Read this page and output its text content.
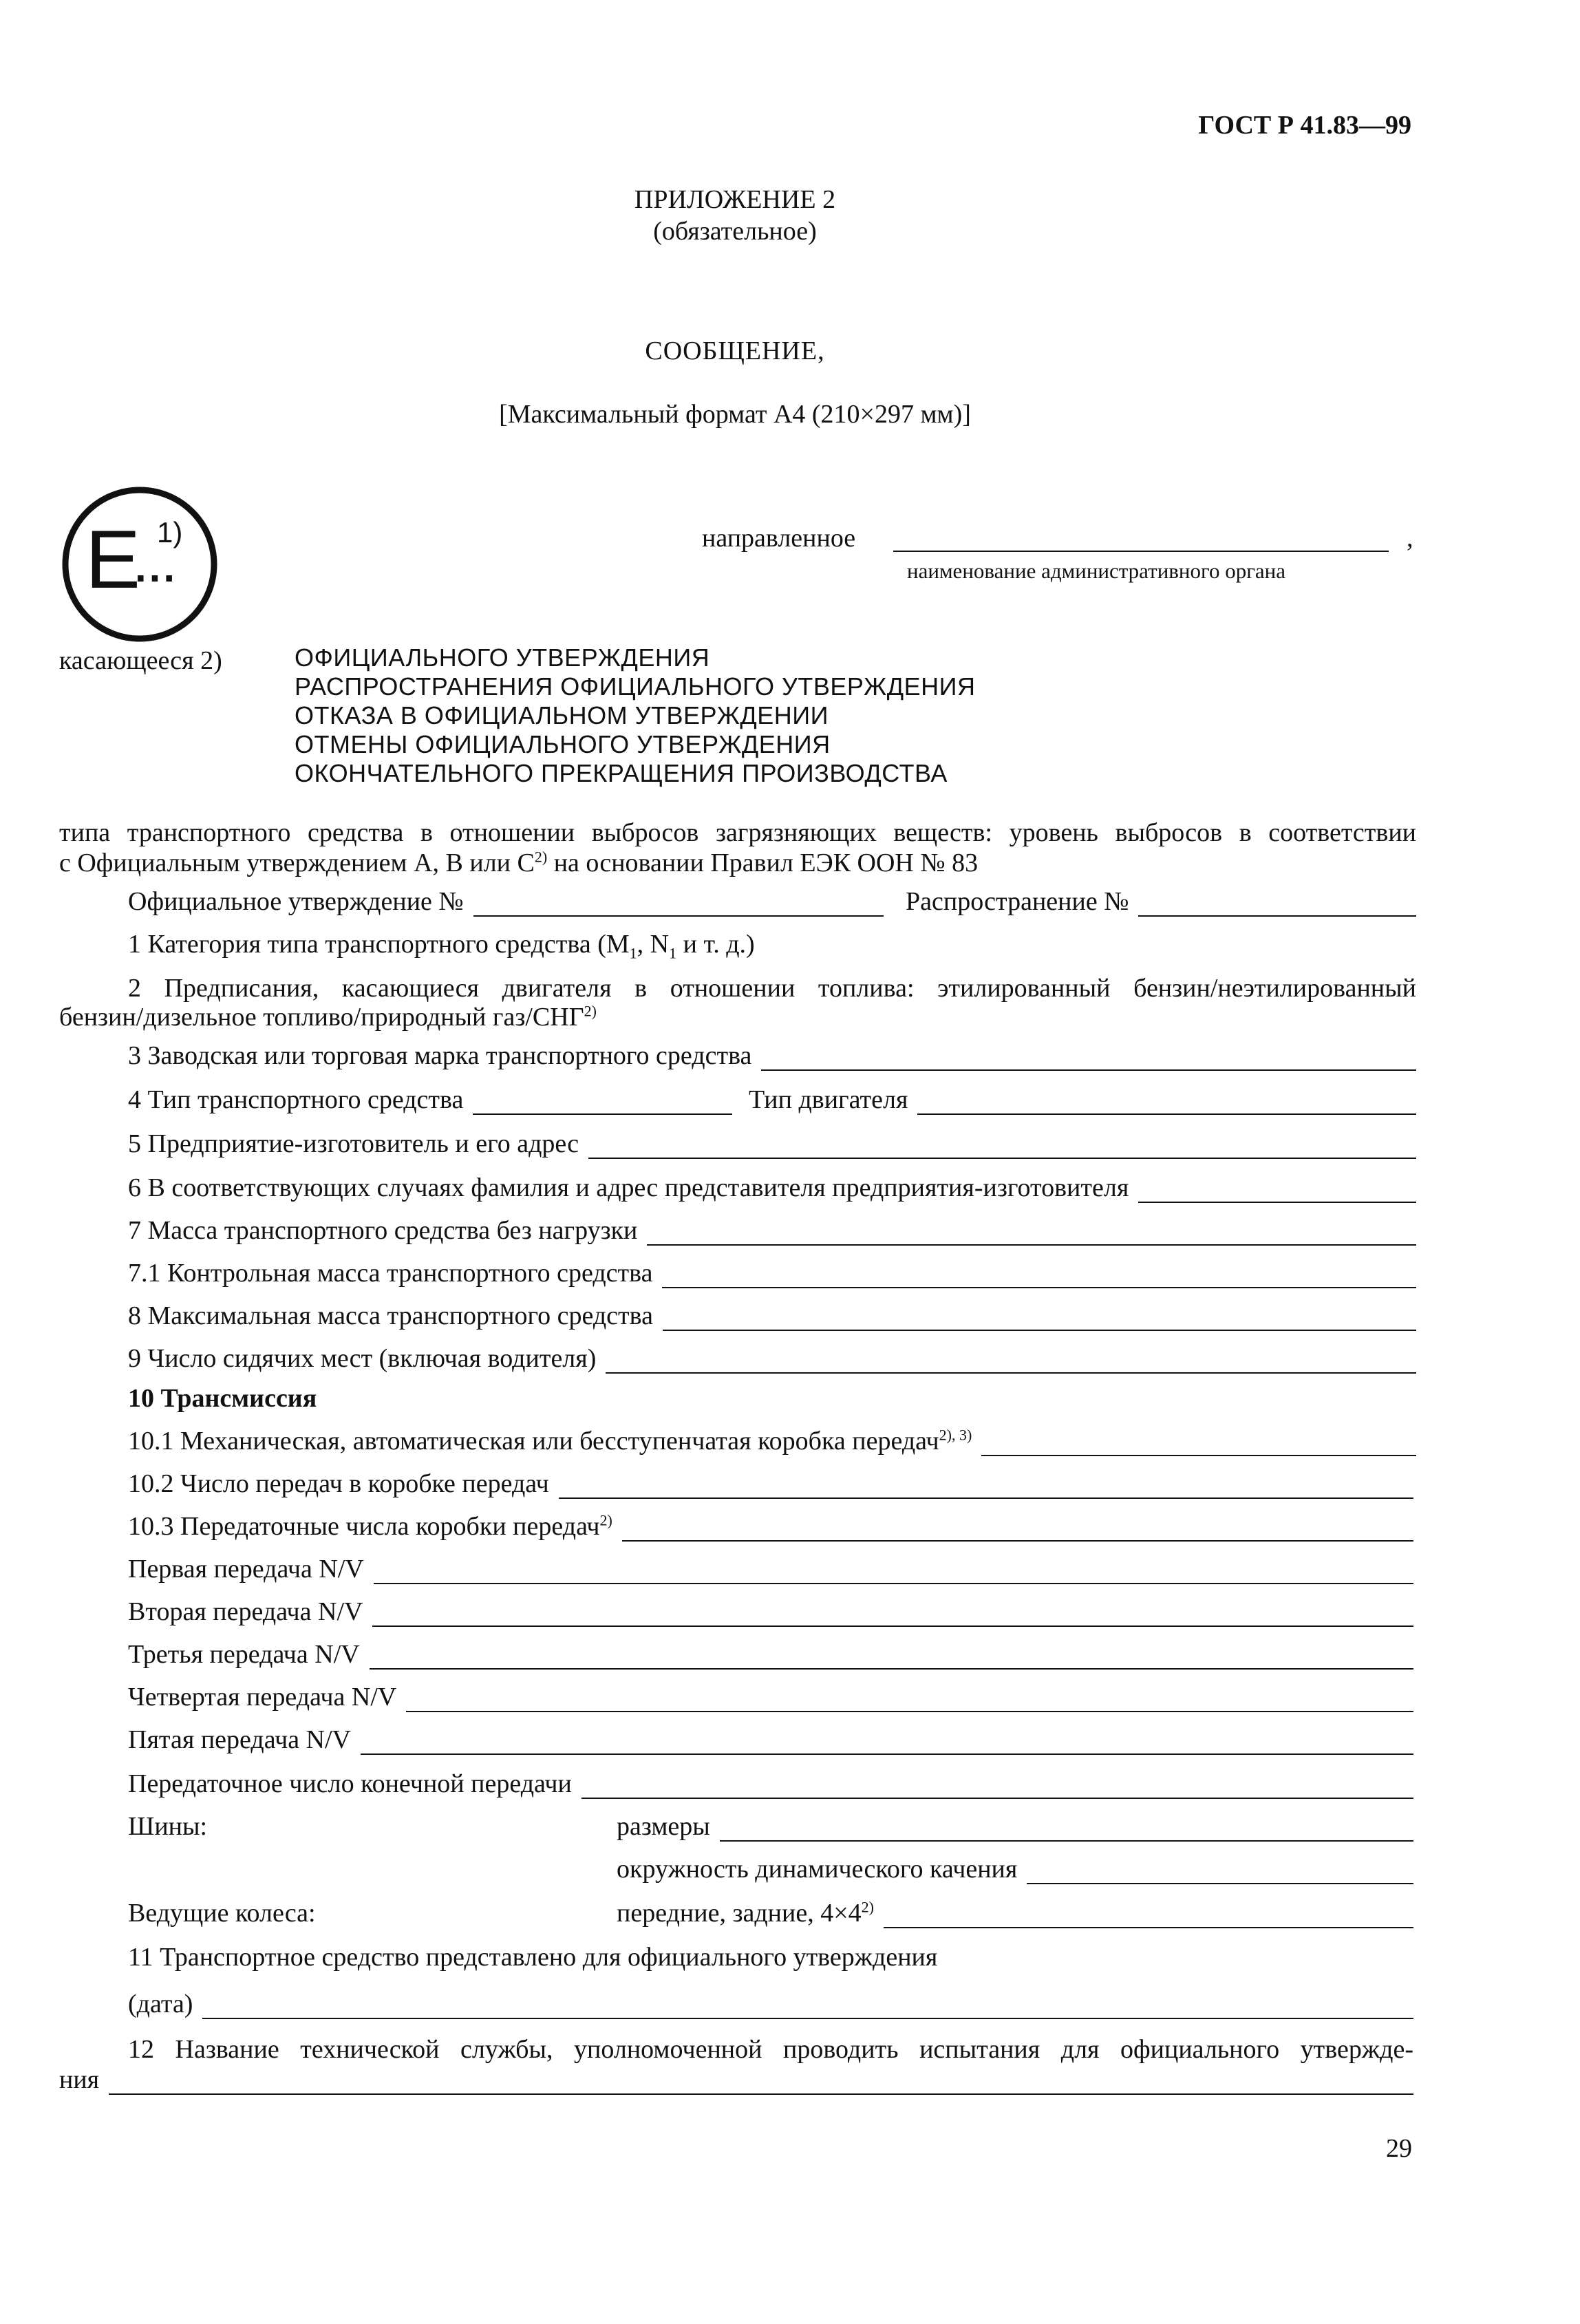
ГОСТ Р 41.83—99
ПРИЛОЖЕНИЕ 2
(обязательное)
СООБЩЕНИЕ,
[Максимальный формат А4 (210×297 мм)]
E
...
1)	направленное	,
наименование административного органа
касающееся 2)	ОФИЦИАЛЬНОГО УТВЕРЖДЕНИЯ
РАСПРОСТРАНЕНИЯ ОФИЦИАЛЬНОГО УТВЕРЖДЕНИЯ
ОТКАЗА В ОФИЦИАЛЬНОМ УТВЕРЖДЕНИИ
ОТМЕНЫ ОФИЦИАЛЬНОГО УТВЕРЖДЕНИЯ
ОКОНЧАТЕЛЬНОГО ПРЕКРАЩЕНИЯ ПРОИЗВОДСТВА
типа транспортного средства в отношении выбросов загрязняющих веществ: уровень выбросов в соответствии
с Официальным утверждением А, В или $С^{2)}$ на основании Правил ЕЭК ООН № 83
Официальное утверждение №	Распространение №
1 Категория типа транспортного средства ($M_1$, $N_1$ и т. д.)
2 Предписания, касающиеся двигателя в отношении топлива: этилированный бензин/неэтилированный
бензин/дизельное топливо/природный газ/СНГ$^{2)}$
3 Заводская или торговая марка транспортного средства
4 Тип транспортного средства	Тип двигателя
5 Предприятие-изготовитель и его адрес
6 В соответствующих случаях фамилия и адрес представителя предприятия-изготовителя
7 Масса транспортного средства без нагрузки
7.1 Контрольная масса транспортного средства
8 Максимальная масса транспортного средства
9 Число сидячих мест (включая водителя)
10 Трансмиссия
10.1 Механическая, автоматическая или бесступенчатая коробка передач$^{2), 3)}$
10.2 Число передач в коробке передач
10.3 Передаточные числа коробки передач$^{2)}$
Первая передача N/V
Вторая передача N/V
Третья передача N/V
Четвертая передача N/V
Пятая передача N/V
Передаточное число конечной передачи
Шины:	размеры
окружность динамического качения
Ведущие колеса:	передние, задние, $4\times 4^{2)}$
11 Транспортное средство представлено для официального утверждения
(дата)
12 Название технической службы, уполномоченной проводить испытания для официального утвержде-
ния
29
